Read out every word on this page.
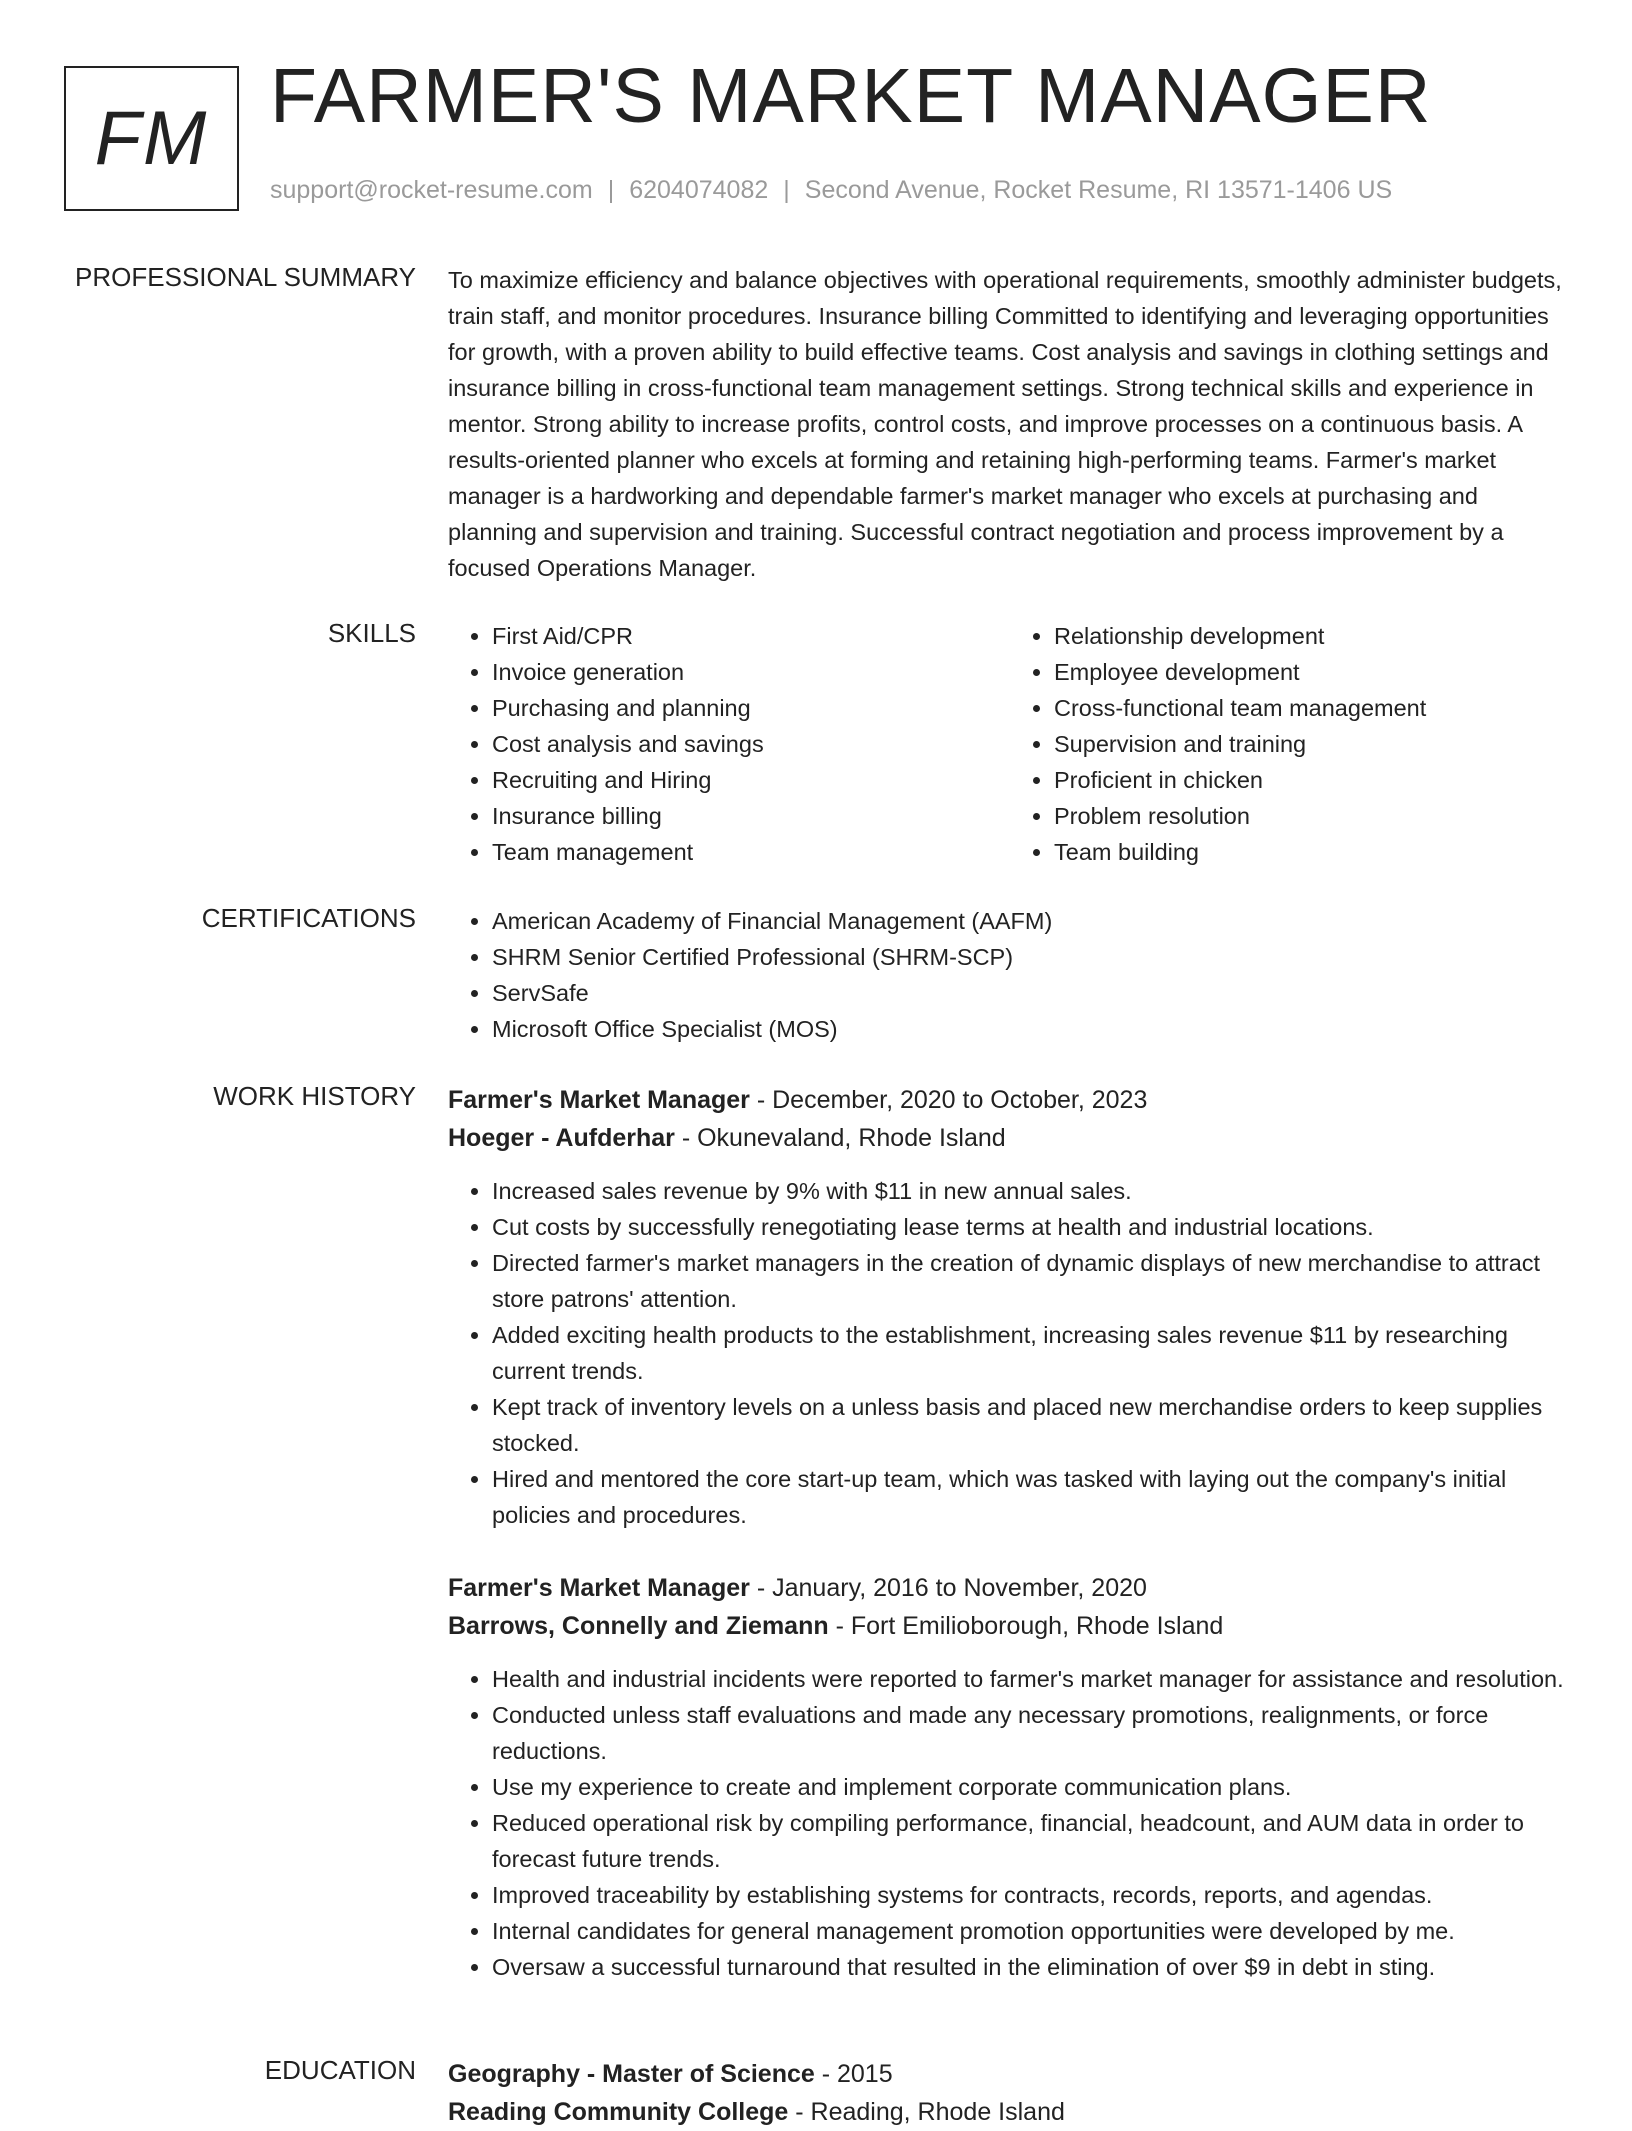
FM FARMER'S MARKET MANAGER
support@rocket-resume.com | 6204074082 | Second Avenue, Rocket Resume, RI 13571-1406 US
PROFESSIONAL SUMMARY To maximize efficiency and balance objectives with operational requirements, smoothly administer budgets, train staff, and monitor procedures. Insurance billing Committed to identifying and leveraging opportunities for growth, with a proven ability to build effective teams. Cost analysis and savings in clothing settings and insurance billing in cross-functional team management settings. Strong technical skills and experience in mentor. Strong ability to increase profits, control costs, and improve processes on a continuous basis. A results-oriented planner who excels at forming and retaining high-performing teams. Farmer's market manager is a hardworking and dependable farmer's market manager who excels at purchasing and planning and supervision and training. Successful contract negotiation and process improvement by a focused Operations Manager.

SKILLS	• First Aid/CPR
• Invoice generation
• Purchasing and planning
• Cost analysis and savings
• Recruiting and Hiring
• Insurance billing
• Team management
• Relationship development
• Employee development
• Cross-functional team management
• Supervision and training
• Proficient in chicken
• Problem resolution
• Team building
CERTIFICATIONS	• American Academy of Financial Management (AAFM)
• SHRM Senior Certified Professional (SHRM-SCP)
• ServSafe
• Microsoft Office Specialist (MOS)
WORK HISTORY Farmer's Market Manager - December, 2020 to October, 2023
Hoeger - Aufderhar - Okunevaland, Rhode Island
• Increased sales revenue by 9% with $11 in new annual sales.
• Cut costs by successfully renegotiating lease terms at health and industrial locations.
• Directed farmer's market managers in the creation of dynamic displays of new merchandise to attract store patrons' attention.
• Added exciting health products to the establishment, increasing sales revenue $11 by researching current trends.
• Kept track of inventory levels on a unless basis and placed new merchandise orders to keep supplies stocked.
• Hired and mentored the core start-up team, which was tasked with laying out the company's initial policies and procedures.
Farmer's Market Manager - January, 2016 to November, 2020
Barrows, Connelly and Ziemann - Fort Emilioborough, Rhode Island
• Health and industrial incidents were reported to farmer's market manager for assistance and resolution.
• Conducted unless staff evaluations and made any necessary promotions, realignments, or force reductions.
• Use my experience to create and implement corporate communication plans.
• Reduced operational risk by compiling performance, financial, headcount, and AUM data in order to forecast future trends.
• Improved traceability by establishing systems for contracts, records, reports, and agendas.
• Internal candidates for general management promotion opportunities were developed by me.
• Oversaw a successful turnaround that resulted in the elimination of over $9 in debt in sting.
EDUCATION Geography - Master of Science - 2015
Reading Community College - Reading, Rhode Island
